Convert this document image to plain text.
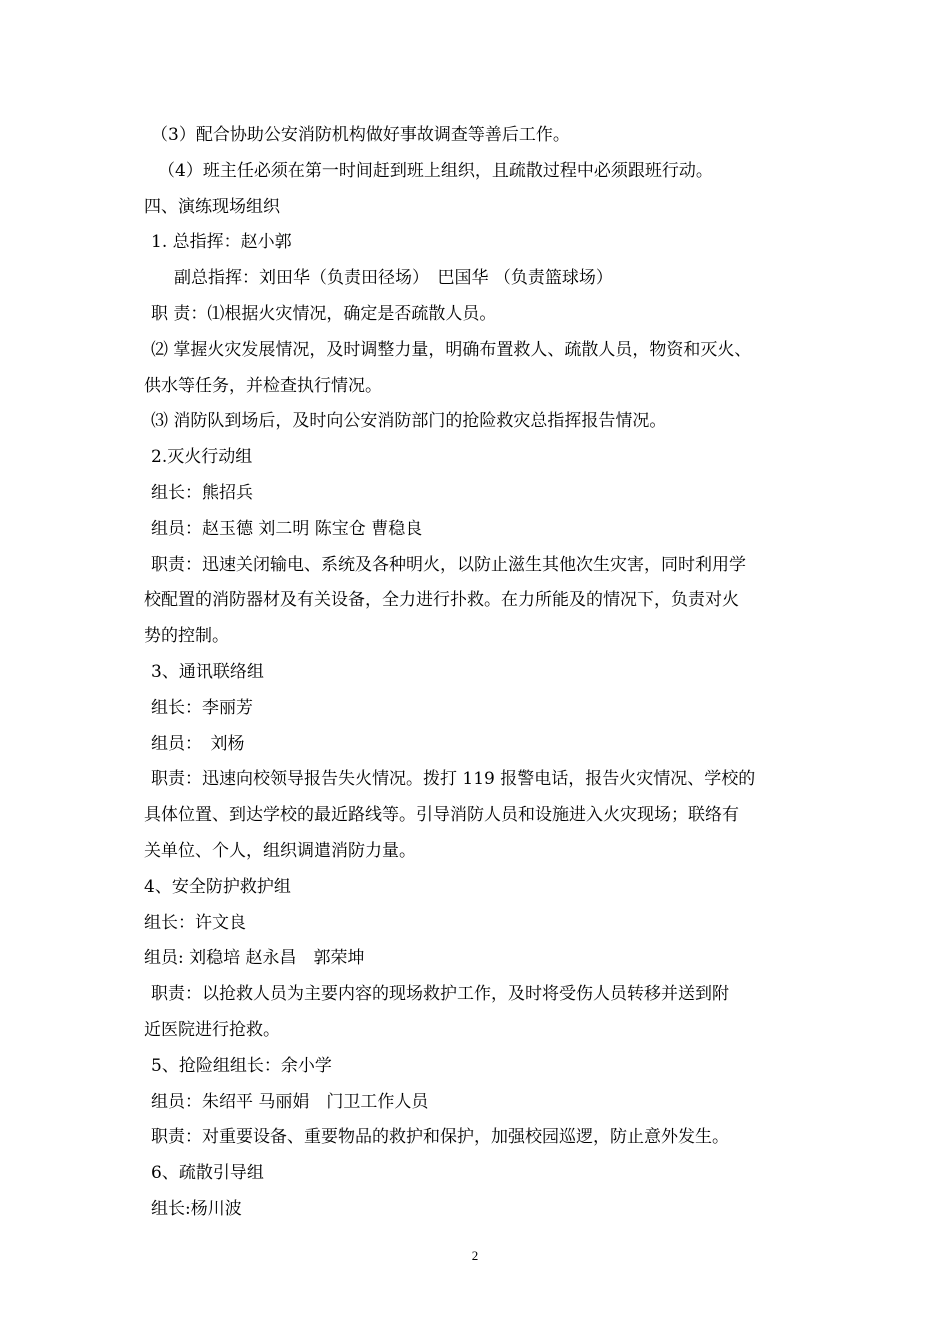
（3）配合协助公安消防机构做好事故调查等善后工作。
（4）班主任必须在第一时间赶到班上组织，且疏散过程中必须跟班行动。
四、演练现场组织
1. 总指挥：赵小郭
副总指挥：刘田华（负责田径场）　巴国华 （负责篮球场）
职 责：⑴根据火灾情况，确定是否疏散人员。
⑵ 掌握火灾发展情况，及时调整力量，明确布置救人、疏散人员，物资和灭火、
供水等任务，并检查执行情况。
⑶ 消防队到场后，及时向公安消防部门的抢险救灾总指挥报告情况。
2.灭火行动组
组长：熊招兵
组员：赵玉德 刘二明 陈宝仓 曹稳良
职责：迅速关闭输电、系统及各种明火，以防止滋生其他次生灾害，同时利用学
校配置的消防器材及有关设备，全力进行扑救。在力所能及的情况下，负责对火
势的控制。
3、通讯联络组
组长：李丽芳
组员：　刘杨
职责：迅速向校领导报告失火情况。拨打 119 报警电话，报告火灾情况、学校的
具体位置、到达学校的最近路线等。引导消防人员和设施进入火灾现场；联络有
关单位、个人，组织调遣消防力量。
4、安全防护救护组
组长：许文良
组员: 刘稳培 赵永昌　郭荣坤
职责：以抢救人员为主要内容的现场救护工作，及时将受伤人员转移并送到附
近医院进行抢救。
5、抢险组组长：余小学
组员：朱绍平 马丽娟　门卫工作人员
职责：对重要设备、重要物品的救护和保护，加强校园巡逻，防止意外发生。
6、疏散引导组
组长:杨川波
2
